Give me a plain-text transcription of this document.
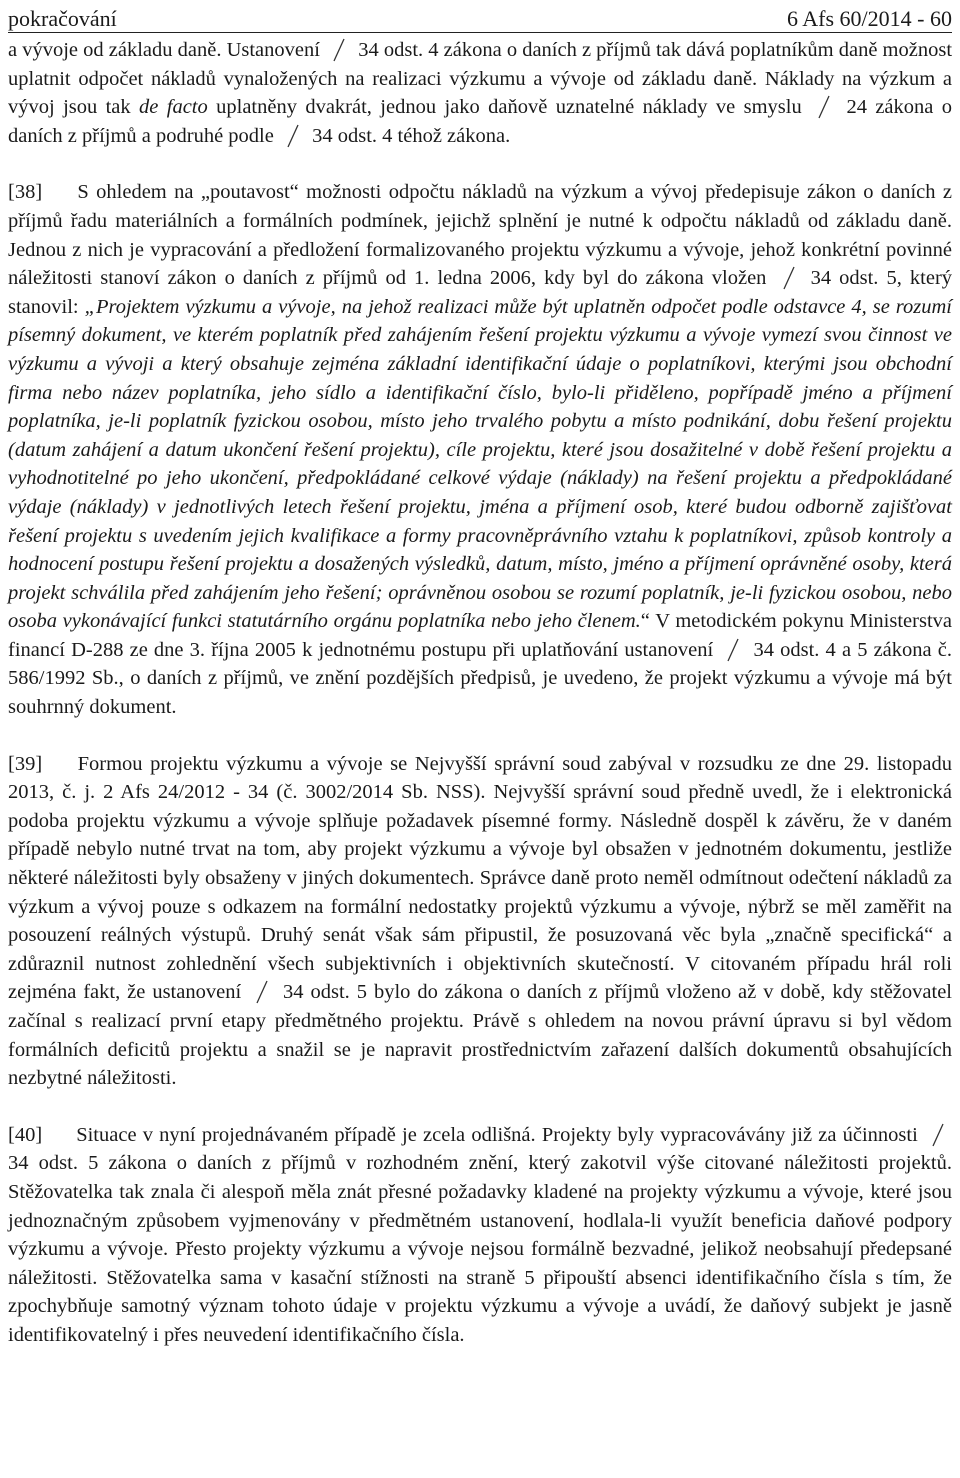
pokračování	6 Afs 60/2014 - 60

a vývoje od základu daně. Ustanovení 34 odst. 4 zákona o daních z příjmů tak dává poplatníkům daně možnost uplatnit odpočet nákladů vynaložených na realizaci výzkumu a vývoje od základu daně. Náklady na výzkum a vývoj jsou tak de facto uplatněny dvakrát, jednou jako daňově uznatelné náklady ve smyslu 24 zákona o daních z příjmů a podruhé podle 34 odst. 4 téhož zákona.

[38] S ohledem na „poutavost“ možnosti odpočtu nákladů na výzkum a vývoj předepisuje zákon o daních z příjmů řadu materiálních a formálních podmínek, jejichž splnění je nutné k odpočtu nákladů od základu daně. Jednou z nich je vypracování a předložení formalizovaného projektu výzkumu a vývoje, jehož konkrétní povinné náležitosti stanoví zákon o daních z příjmů od 1. ledna 2006, kdy byl do zákona vložen 34 odst. 5, který stanovil: „Projektem výzkumu a vývoje, na jehož realizaci může být uplatněn odpočet podle odstavce 4, se rozumí písemný dokument, ve kterém poplatník před zahájením řešení projektu výzkumu a vývoje vymezí svou činnost ve výzkumu a vývoji a který obsahuje zejména základní identifikační údaje o poplatníkovi, kterými jsou obchodní firma nebo název poplatníka, jeho sídlo a identifikační číslo, bylo-li přiděleno, popřípadě jméno a příjmení poplatníka, je-li poplatník fyzickou osobou, místo jeho trvalého pobytu a místo podnikání, dobu řešení projektu (datum zahájení a datum ukončení řešení projektu), cíle projektu, které jsou dosažitelné v době řešení projektu a vyhodnotitelné po jeho ukončení, předpokládané celkové výdaje (náklady) na řešení projektu a předpokládané výdaje (náklady) v jednotlivých letech řešení projektu, jména a příjmení osob, které budou odborně zajišťovat řešení projektu s uvedením jejich kvalifikace a formy pracovněprávního vztahu k poplatníkovi, způsob kontroly a hodnocení postupu řešení projektu a dosažených výsledků, datum, místo, jméno a příjmení oprávněné osoby, která projekt schválila před zahájením jeho řešení; oprávněnou osobou se rozumí poplatník, je-li fyzickou osobou, nebo osoba vykonávající funkci statutárního orgánu poplatníka nebo jeho členem.“ V metodickém pokynu Ministerstva financí D-288 ze dne 3. října 2005 k jednotnému postupu při uplatňování ustanovení 34 odst. 4 a 5 zákona č. 586/1992 Sb., o daních z příjmů, ve znění pozdějších předpisů, je uvedeno, že projekt výzkumu a vývoje má být souhrnný dokument.

[39] Formou projektu výzkumu a vývoje se Nejvyšší správní soud zabýval v rozsudku ze dne 29. listopadu 2013, č. j. 2 Afs 24/2012 - 34 (č. 3002/2014 Sb. NSS). Nejvyšší správní soud předně uvedl, že i elektronická podoba projektu výzkumu a vývoje splňuje požadavek písemné formy. Následně dospěl k závěru, že v daném případě nebylo nutné trvat na tom, aby projekt výzkumu a vývoje byl obsažen v jednotném dokumentu, jestliže některé náležitosti byly obsaženy v jiných dokumentech. Správce daně proto neměl odmítnout odečtení nákladů za výzkum a vývoj pouze s odkazem na formální nedostatky projektů výzkumu a vývoje, nýbrž se měl zaměřit na posouzení reálných výstupů. Druhý senát však sám připustil, že posuzovaná věc byla „značně specifická“ a zdůraznil nutnost zohlednění všech subjektivních i objektivních skutečností. V citovaném případu hrál roli zejména fakt, že ustanovení 34 odst. 5 bylo do zákona o daních z příjmů vloženo až v době, kdy stěžovatel začínal s realizací první etapy předmětného projektu. Právě s ohledem na novou právní úpravu si byl vědom formálních deficitů projektu a snažil se je napravit prostřednictvím zařazení dalších dokumentů obsahujících nezbytné náležitosti.

[40] Situace v nyní projednávaném případě je zcela odlišná. Projekty byly vypracovávány již za účinnosti
34 odst. 5 zákona o daních z příjmů v rozhodném znění, který zakotvil výše citované náležitosti projektů. Stěžovatelka tak znala či alespoň měla znát přesné požadavky kladené na projekty výzkumu a vývoje, které jsou jednoznačným způsobem vyjmenovány v předmětném ustanovení, hodlala-li využít beneficia daňové podpory výzkumu a vývoje. Přesto projekty výzkumu a vývoje nejsou formálně bezvadné, jelikož neobsahují předepsané náležitosti. Stěžovatelka sama v kasační stížnosti na straně 5 připouští absenci identifikačního čísla s tím, že zpochybňuje samotný význam tohoto údaje v projektu výzkumu a vývoje a uvádí, že daňový subjekt je jasně identifikovatelný i přes neuvedení identifikačního čísla.
